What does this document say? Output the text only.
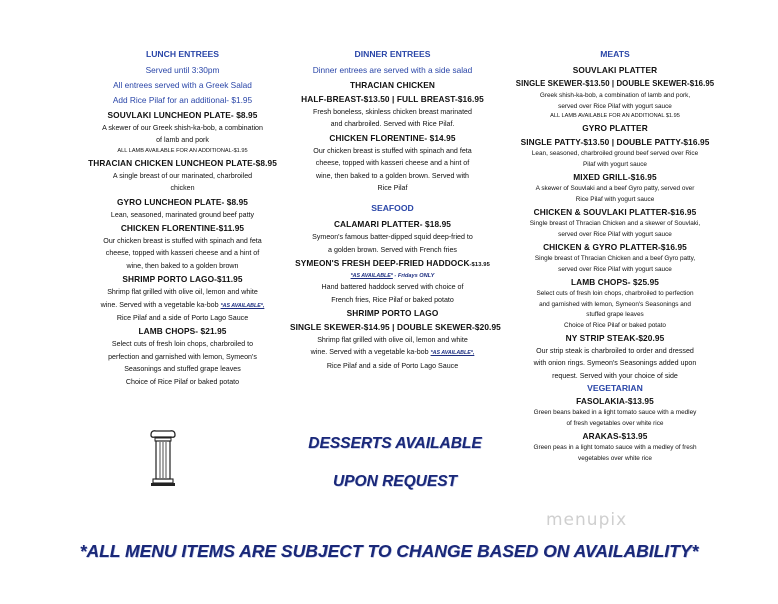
LUNCH ENTREES
Served until 3:30pm
All entrees served with a Greek Salad
Add Rice Pilaf for an additional- $1.95
SOUVLAKI LUNCHEON PLATE- $8.95
A skewer of our Greek shish-ka-bob, a combination
of lamb and pork
ALL LAMB AVAILABLE FOR AN ADDITIONAL-$1.95
THRACIAN CHICKEN LUNCHEON PLATE-$8.95
A single breast of our marinated, charbroiled
chicken
GYRO LUNCHEON PLATE- $8.95
Lean, seasoned, marinated ground beef patty
CHICKEN FLORENTINE-$11.95
Our chicken breast is stuffed with spinach and feta
cheese, topped with kasseri cheese and a hint of
wine, then baked to a golden brown
SHRIMP PORTO LAGO-$11.95
Shrimp flat grilled with olive oil, lemon and white
wine. Served with a vegetable ka-bob *AS AVAILABLE*,
Rice Pilaf and a side of Porto Lago Sauce
LAMB CHOPS- $21.95
Select cuts of fresh loin chops, charbroiled to
perfection and garnished with lemon, Symeon's
Seasonings and stuffed grape leaves
Choice of Rice Pilaf or baked potato
DINNER ENTREES
Dinner entrees are served with a side salad
THRACIAN CHICKEN
HALF-BREAST-$13.50 | FULL BREAST-$16.95
Fresh boneless, skinless chicken breast marinated
and charbroiled. Served with Rice Pilaf.
CHICKEN FLORENTINE- $14.95
Our chicken breast is stuffed with spinach and feta
cheese, topped with kasseri cheese and a hint of
wine, then baked to a golden brown. Served with
Rice Pilaf
SEAFOOD
CALAMARI PLATTER- $18.95
Symeon's famous batter-dipped squid deep-fried to
a golden brown. Served with French fries
SYMEON'S FRESH DEEP-FRIED HADDOCK-$13.95
*AS AVAILABLE* - Fridays ONLY
Hand battered haddock served with choice of
French fries, Rice Pilaf or baked potato
SHRIMP PORTO LAGO
SINGLE SKEWER-$14.95 | DOUBLE SKEWER-$20.95
Shrimp flat grilled with olive oil, lemon and white
wine. Served with a vegetable ka-bob *AS AVAILABLE*,
Rice Pilaf and a side of Porto Lago Sauce
DESSERTS AVAILABLE
UPON REQUEST
MEATS
SOUVLAKI PLATTER
SINGLE SKEWER-$13.50 | DOUBLE SKEWER-$16.95
Greek shish-ka-bob, a combination of lamb and pork,
served over Rice Pilaf with yogurt sauce
ALL LAMB AVAILABLE FOR AN ADDITIONAL $1.95
GYRO PLATTER
SINGLE PATTY-$13.50 | DOUBLE PATTY-$16.95
Lean, seasoned, charbroiled ground beef served over Rice
Pilaf with yogurt sauce
MIXED GRILL-$16.95
A skewer of Souvlaki and a beef Gyro patty, served over
Rice Pilaf with yogurt sauce
CHICKEN & SOUVLAKI PLATTER-$16.95
Single breast of Thracian Chicken and a skewer of Souvlaki,
served over Rice Pilaf with yogurt sauce
CHICKEN & GYRO PLATTER-$16.95
Single breast of Thracian Chicken and a beef Gyro patty,
served over Rice Pilaf with yogurt sauce
LAMB CHOPS- $25.95
Select cuts of fresh loin chops, charbroiled to perfection
and garnished with lemon, Symeon's Seasonings and
stuffed grape leaves
Choice of Rice Pilaf or baked potato
NY STRIP STEAK-$20.95
Our strip steak is charbroiled to order and dressed
with onion rings. Symeon's Seasonings added upon
request. Served with your choice of side
VEGETARIAN
FASOLAKIA-$13.95
Green beans baked in a light tomato sauce with a medley
of fresh vegetables over white rice
ARAKAS-$13.95
Green peas in a light tomato sauce with a medley of fresh
vegetables over white rice
menupix
*ALL MENU ITEMS ARE SUBJECT TO CHANGE BASED ON AVAILABILITY*
